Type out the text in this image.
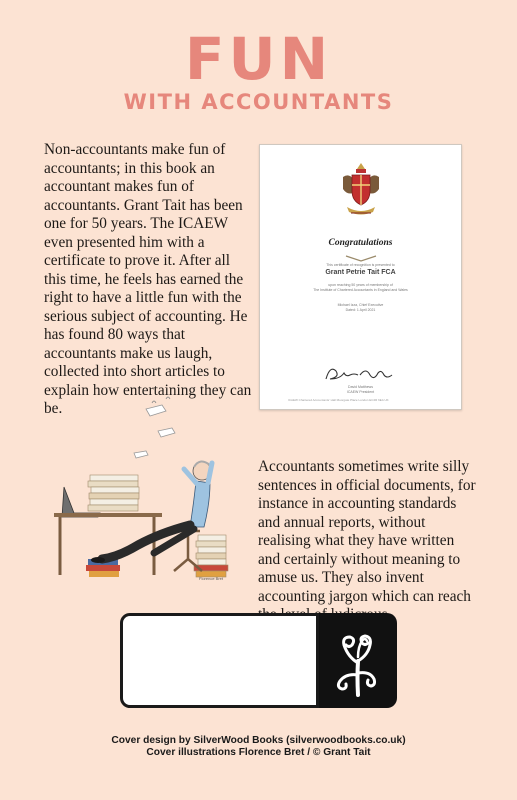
FUN
WITH ACCOUNTANTS
Non-accountants make fun of accountants; in this book an accountant makes fun of accountants. Grant Tait has been one for 50 years. The ICAEW even presented him with a certificate to prove it. After all this time, he feels has earned the right to have a little fun with the serious subject of accounting. He has found 80 ways that accountants make us laugh, collected into short articles to explain how entertaining they can be.
Congratulations
This certificate of recognition is presented to
Grant Petrie Tait FCA
upon reaching 50 years of membership of
The Institute of Chartered Accountants in England and Wales
Michael Izza, Chief Executive
Dated: 1 April 2021
David Matthews
ICAEW President
ICAEW Chartered Accountants' Hall Moorgate Place London EC2R 6EA UK
Florence Bret
Accountants sometimes write silly sentences in official documents, for instance in accounting standards and annual reports, without realising what they have written and certainly without meaning to amuse us. They also invent accounting jargon which can reach
Cover design by SilverWood Books (silverwoodbooks.co.uk)
Cover illustrations Florence Bret / © Grant Tait
